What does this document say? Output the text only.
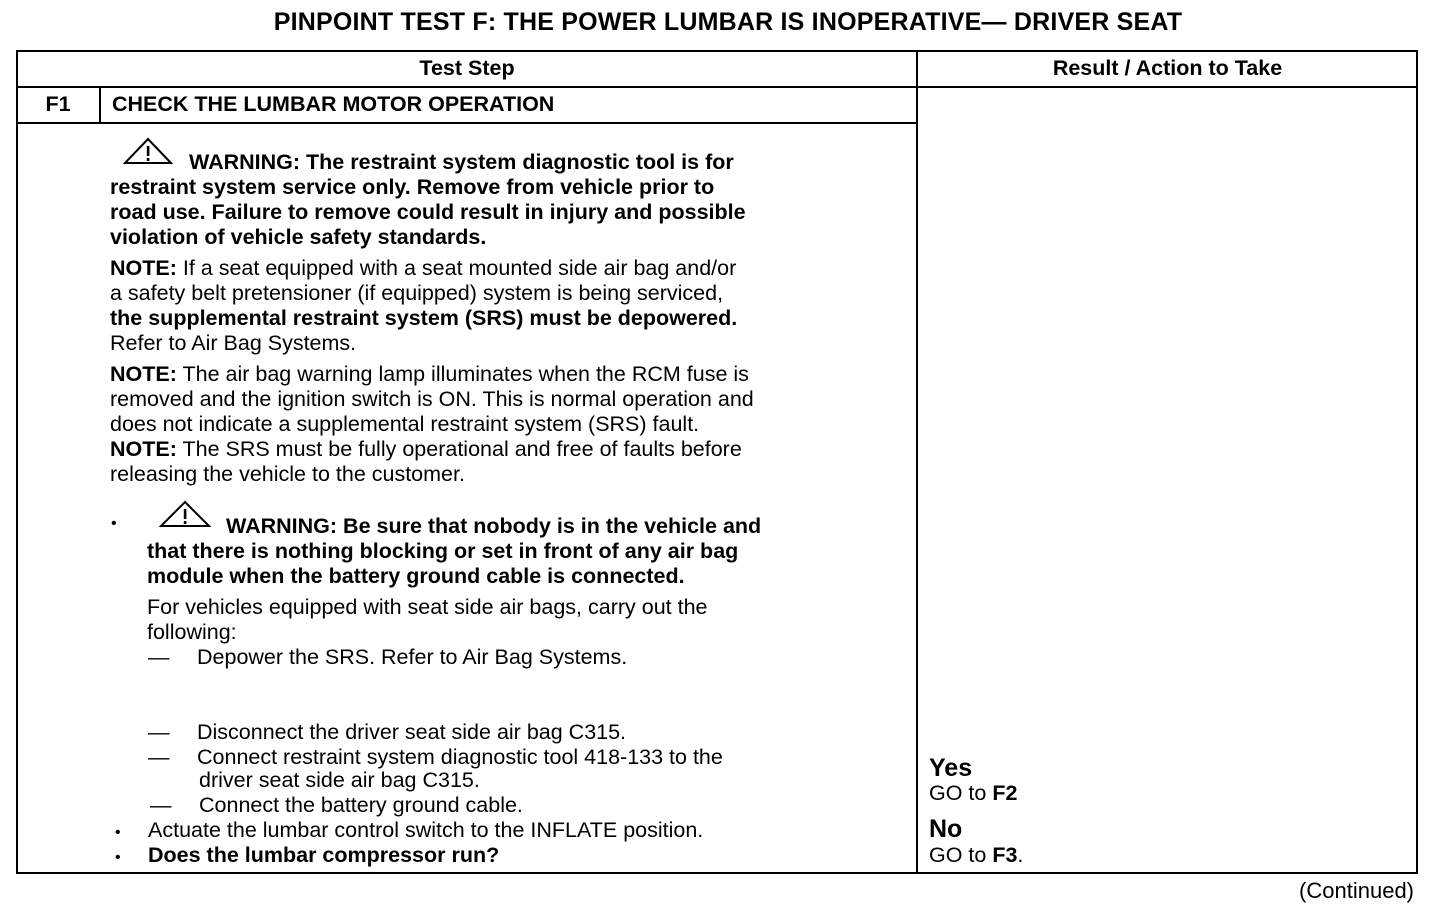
PINPOINT TEST F: THE POWER LUMBAR IS INOPERATIVE— DRIVER SEAT
Test Step	Result / Action to Take
F1	CHECK THE LUMBAR MOTOR OPERATION
WARNING: The restraint system diagnostic tool is for
restraint system service only. Remove from vehicle prior to
road use. Failure to remove could result in injury and possible
violation of vehicle safety standards.
NOTE: If a seat equipped with a seat mounted side air bag and/or
a safety belt pretensioner (if equipped) system is being serviced,
the supplemental restraint system (SRS) must be depowered.
Refer to Air Bag Systems.
NOTE: The air bag warning lamp illuminates when the RCM fuse is
removed and the ignition switch is ON. This is normal operation and
does not indicate a supplemental restraint system (SRS) fault.
NOTE: The SRS must be fully operational and free of faults before
releasing the vehicle to the customer.
•	WARNING: Be sure that nobody is in the vehicle and
that there is nothing blocking or set in front of any air bag
module when the battery ground cable is connected.
For vehicles equipped with seat side air bags, carry out the
following:
— Depower the SRS. Refer to Air Bag Systems.
— Disconnect the driver seat side air bag C315.
— Connect restraint system diagnostic tool 418-133 to the
driver seat side air bag C315.
— Connect the battery ground cable.
• Actuate the lumbar control switch to the INFLATE position.
• Does the lumbar compressor run?
Yes
GO to F2
No
GO to F3.
(Continued)
